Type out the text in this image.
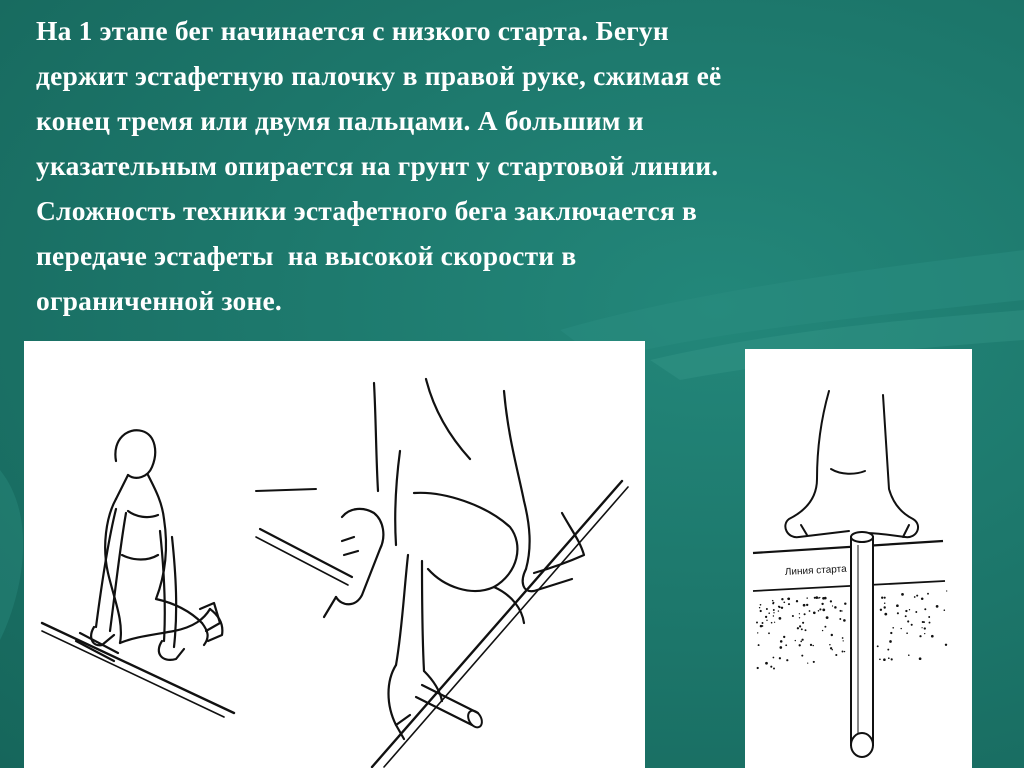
На 1 этапе бег начинается с низкого старта. Бегун
держит эстафетную палочку в правой руке, сжимая её
конец тремя или двумя пальцами. А большим и
указательным опирается на грунт у стартовой линии.
Сложность техники эстафетного бега заключается в
передаче эстафеты  на высокой скорости в
ограниченной зоне.
Линия старта
